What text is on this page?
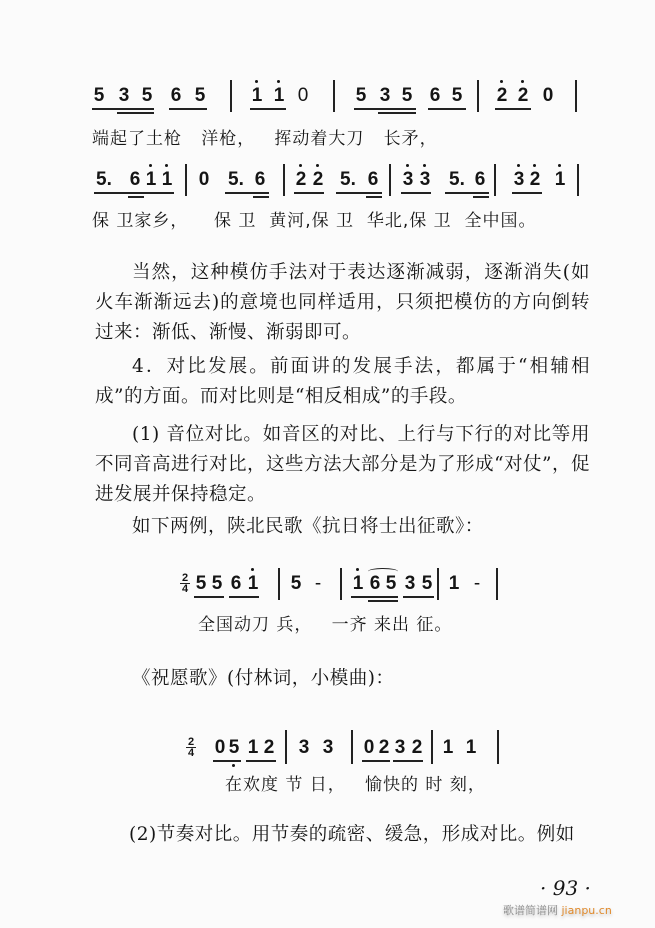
5 3 5 6 5 1 1 0 5 3 5 6 5 2 2 0
端起了土枪   洋枪，   挥动着大刀   长矛，
5. 6 1 1 0 5. 6 2 2 5. 6 3 3 5. 6 3 2 1
保 卫家乡，    保 卫  黄河,保 卫  华北,保 卫  全中国。

当然，这种模仿手法对于表达逐渐减弱，逐渐消失(如火车渐渐远去)的意境也同样适用，只须把模仿的方向倒转过来：渐低、渐慢、渐弱即可。

4．对比发展。前面讲的发展手法，都属于“相辅相成”的方面。而对比则是“相反相成”的手段。

(1) 音位对比。如音区的对比、上行与下行的对比等用不同音高进行对比，这些方法大部分是为了形成“对仗”，促进发展并保持稳定。

如下两例，陕北民歌《抗日将士出征歌》：

2
4 5 5 6 1 5 - 1 6 5 3 5 1 -
全国动刀 兵，   一齐 来出 征。

《祝愿歌》(付林词，小模曲)：

2
4 0 5 1 2 3 3 0 2 3 2 1 1
在欢度 节 日，   愉快的 时 刻，

(2)节奏对比。用节奏的疏密、缓急，形成对比。例如

· 93 ·
歌谱简谱网 jianpu.cn
